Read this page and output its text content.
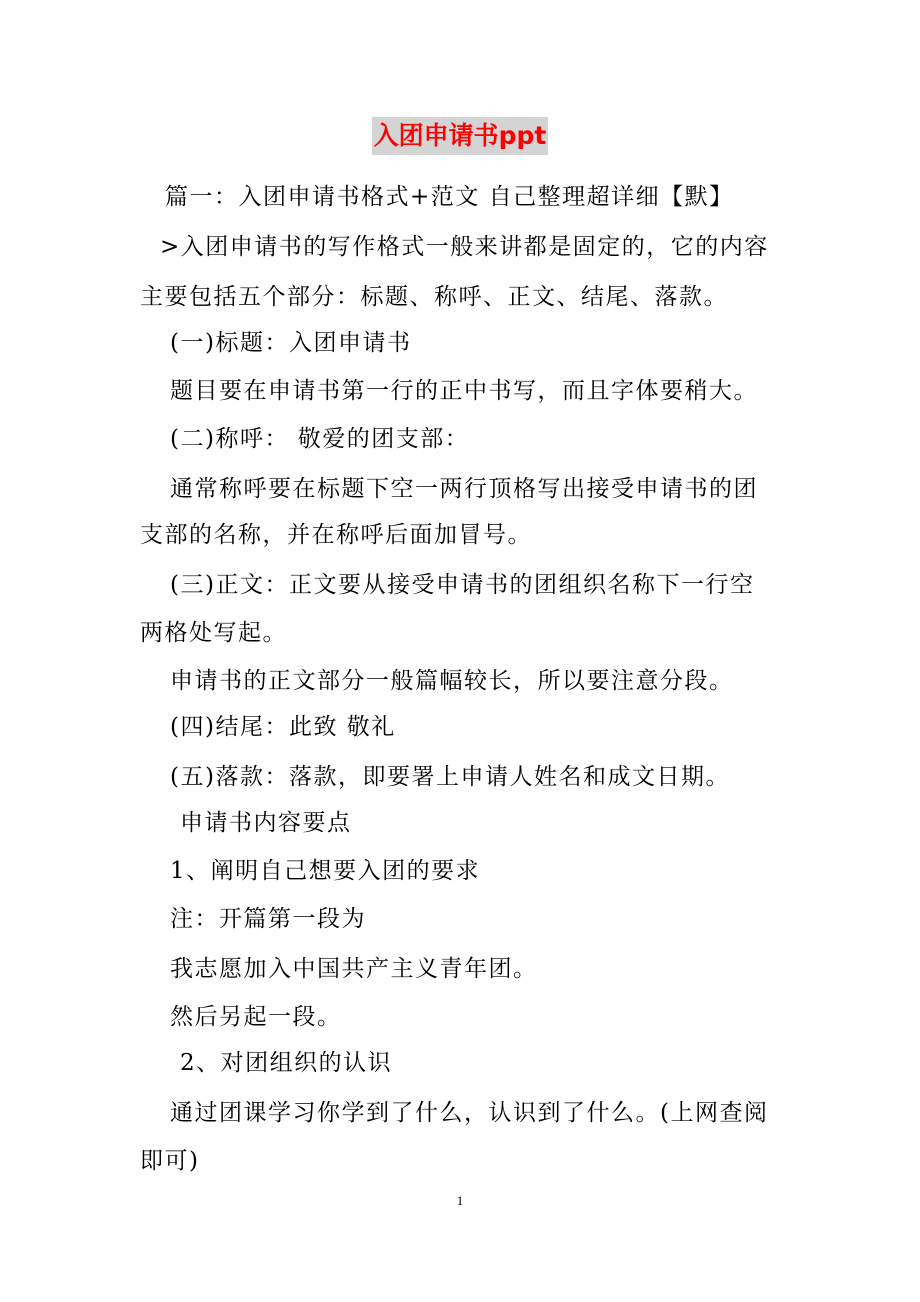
入团申请书ppt
篇一：入团申请书格式+范文 自己整理超详细【默】
>入团申请书的写作格式一般来讲都是固定的，它的内容
主要包括五个部分：标题、称呼、正文、结尾、落款。
(一)标题：入团申请书
题目要在申请书第一行的正中书写，而且字体要稍大。
(二)称呼： 敬爱的团支部：
通常称呼要在标题下空一两行顶格写出接受申请书的团
支部的名称，并在称呼后面加冒号。
(三)正文：正文要从接受申请书的团组织名称下一行空
两格处写起。
申请书的正文部分一般篇幅较长，所以要注意分段。
(四)结尾：此致 敬礼
(五)落款：落款，即要署上申请人姓名和成文日期。
申请书内容要点
1、阐明自己想要入团的要求
注：开篇第一段为
我志愿加入中国共产主义青年团。
然后另起一段。
2、对团组织的认识
通过团课学习你学到了什么，认识到了什么。(上网查阅
即可)
1
